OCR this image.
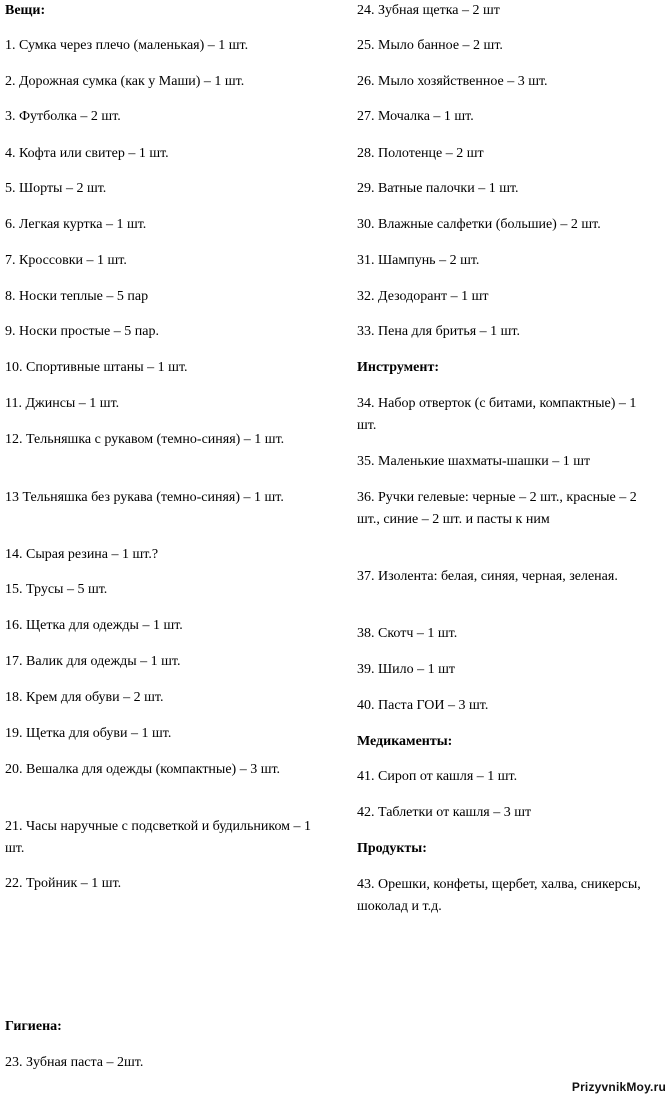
Вещи:
1. Сумка через плечо (маленькая) – 1 шт.
2. Дорожная сумка (как у Маши) – 1 шт.
3. Футболка – 2 шт.
4. Кофта или свитер – 1 шт.
5. Шорты – 2 шт.
6. Легкая куртка – 1 шт.
7. Кроссовки – 1 шт.
8. Носки теплые – 5 пар
9. Носки простые – 5 пар.
10. Спортивные штаны – 1 шт.
11. Джинсы – 1 шт.
12. Тельняшка с рукавом (темно-синяя) – 1 шт.
13 Тельняшка без рукава (темно-синяя) – 1 шт.
14. Сырая резина – 1 шт.?
15. Трусы – 5 шт.
16. Щетка для одежды – 1 шт.
17. Валик для одежды – 1 шт.
18. Крем для обуви – 2 шт.
19. Щетка для обуви – 1 шт.
20. Вешалка для одежды (компактные) – 3 шт.
21. Часы наручные с подсветкой и будильником – 1 шт.
22. Тройник – 1 шт.
Гигиена:
23. Зубная паста – 2шт.
24. Зубная щетка – 2 шт
25. Мыло банное – 2 шт.
26. Мыло хозяйственное – 3 шт.
27. Мочалка – 1 шт.
28. Полотенце – 2 шт
29. Ватные палочки – 1 шт.
30. Влажные салфетки (большие) – 2 шт.
31. Шампунь – 2 шт.
32. Дезодорант – 1 шт
33. Пена для бритья – 1 шт.
Инструмент:
34. Набор отверток (с битами, компактные) – 1 шт.
35. Маленькие шахматы-шашки – 1 шт
36. Ручки гелевые: черные – 2 шт., красные – 2 шт., синие – 2 шт. и пасты к ним
37. Изолента: белая, синяя, черная, зеленая.
38. Скотч – 1 шт.
39. Шило – 1 шт
40. Паста ГОИ – 3 шт.
Медикаменты:
41. Сироп от кашля – 1 шт.
42. Таблетки от кашля – 3 шт
Продукты:
43. Орешки, конфеты, щербет, халва, сникерсы, шоколад и т.д.
PrizyvnikMoy.ru
